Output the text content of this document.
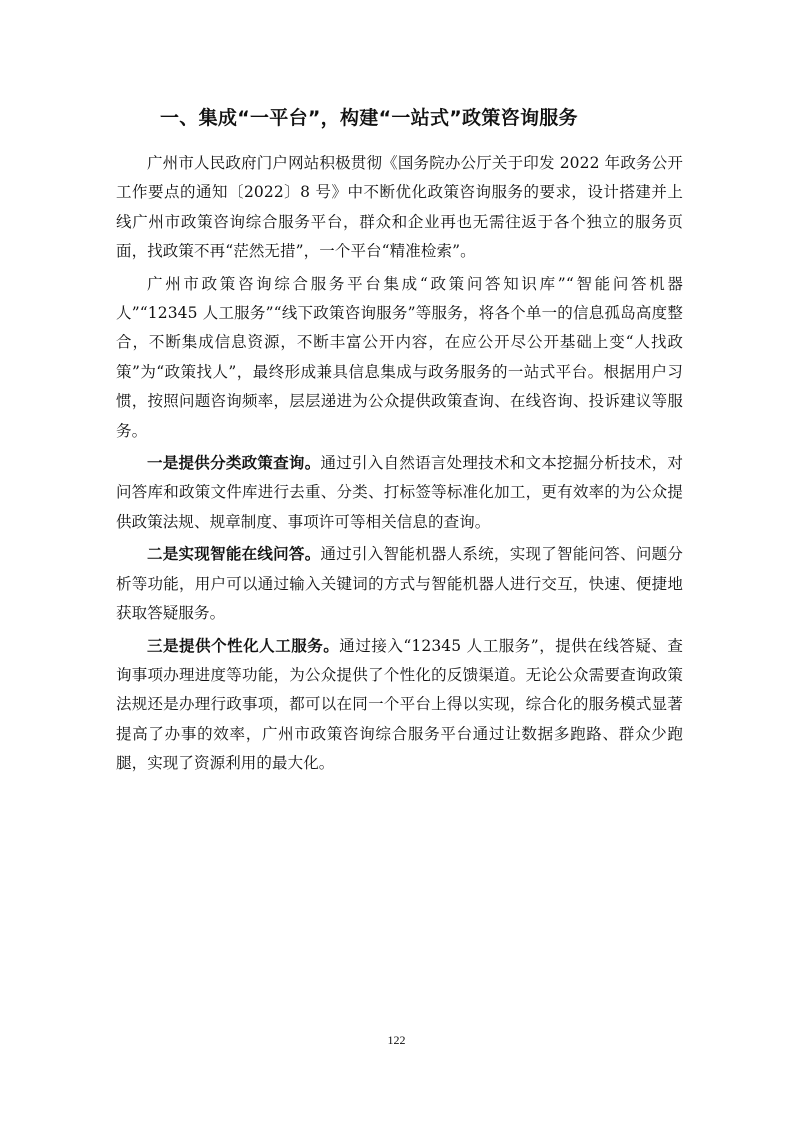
一、集成“一平台”，构建“一站式”政策咨询服务

广州市人民政府门户网站积极贯彻《国务院办公厅关于印发 2022 年政务公开工作要点的通知〔2022〕8 号》中不断优化政策咨询服务的要求，设计搭建并上线广州市政策咨询综合服务平台，群众和企业再也无需往返于各个独立的服务页面，找政策不再“茫然无措”，一个平台“精准检索”。

广州市政策咨询综合服务平台集成“政策问答知识库”“智能问答机器人”“12345 人工服务”“线下政策咨询服务”等服务，将各个单一的信息孤岛高度整合，不断集成信息资源，不断丰富公开内容，在应公开尽公开基础上变“人找政策”为“政策找人”，最终形成兼具信息集成与政务服务的一站式平台。根据用户习惯，按照问题咨询频率，层层递进为公众提供政策查询、在线咨询、投诉建议等服务。

一是提供分类政策查询。通过引入自然语言处理技术和文本挖掘分析技术，对问答库和政策文件库进行去重、分类、打标签等标准化加工，更有效率的为公众提供政策法规、规章制度、事项许可等相关信息的查询。

二是实现智能在线问答。通过引入智能机器人系统，实现了智能问答、问题分析等功能，用户可以通过输入关键词的方式与智能机器人进行交互，快速、便捷地获取答疑服务。

三是提供个性化人工服务。通过接入“12345 人工服务”，提供在线答疑、查询事项办理进度等功能，为公众提供了个性化的反馈渠道。无论公众需要查询政策法规还是办理行政事项，都可以在同一个平台上得以实现，综合化的服务模式显著提高了办事的效率，广州市政策咨询综合服务平台通过让数据多跑路、群众少跑腿，实现了资源利用的最大化。

122
